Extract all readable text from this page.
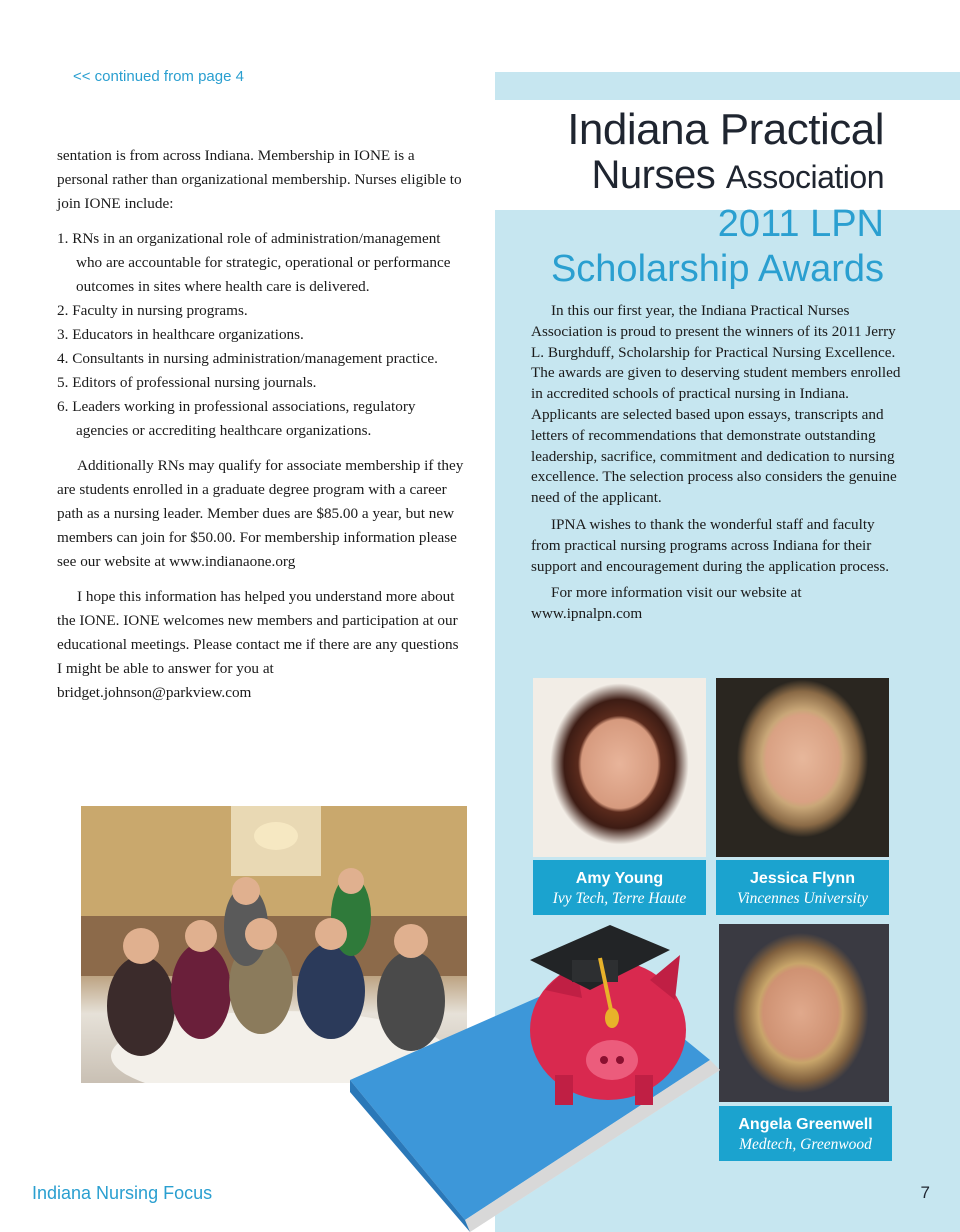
<< continued from page 4

sentation is from across Indiana. Membership in IONE is a personal rather than organizational membership. Nurses eligible to join IONE include:

1. RNs in an organizational role of administration/management who are accountable for strategic, operational or performance outcomes in sites where health care is delivered.
2. Faculty in nursing programs.
3. Educators in healthcare organizations.
4. Consultants in nursing administration/management practice.
5. Editors of professional nursing journals.
6. Leaders working in professional associations, regulatory agencies or accrediting healthcare organizations.

Additionally RNs may qualify for associate membership if they are students enrolled in a graduate degree program with a career path as a nursing leader. Member dues are $85.00 a year, but new members can join for $50.00. For membership information please see our website at www.indianaone.org

I hope this information has helped you understand more about the IONE. IONE welcomes new members and participation at our educational meetings. Please contact me if there are any questions I might be able to answer for you at bridget.johnson@parkview.com

Indiana Practical
Nurses Association
2011 LPN
Scholarship Awards

In this our first year, the Indiana Practical Nurses Association is proud to present the winners of its 2011 Jerry L. Burghduff, Scholarship for Practical Nursing Excellence. The awards are given to deserving student members enrolled in accredited schools of practical nursing in Indiana. Applicants are selected based upon essays, transcripts and letters of recommendations that demonstrate outstanding leadership, sacrifice, commitment and dedication to nursing excellence. The selection process also considers the genuine need of the applicant.

IPNA wishes to thank the wonderful staff and faculty from practical nursing programs across Indiana for their support and encouragement during the application process.

For more information visit our website at www.ipnalpn.com

Amy Young
Ivy Tech, Terre Haute
Jessica Flynn
Vincennes University
Angela Greenwell
Medtech, Greenwood
Indiana Nursing Focus	7
